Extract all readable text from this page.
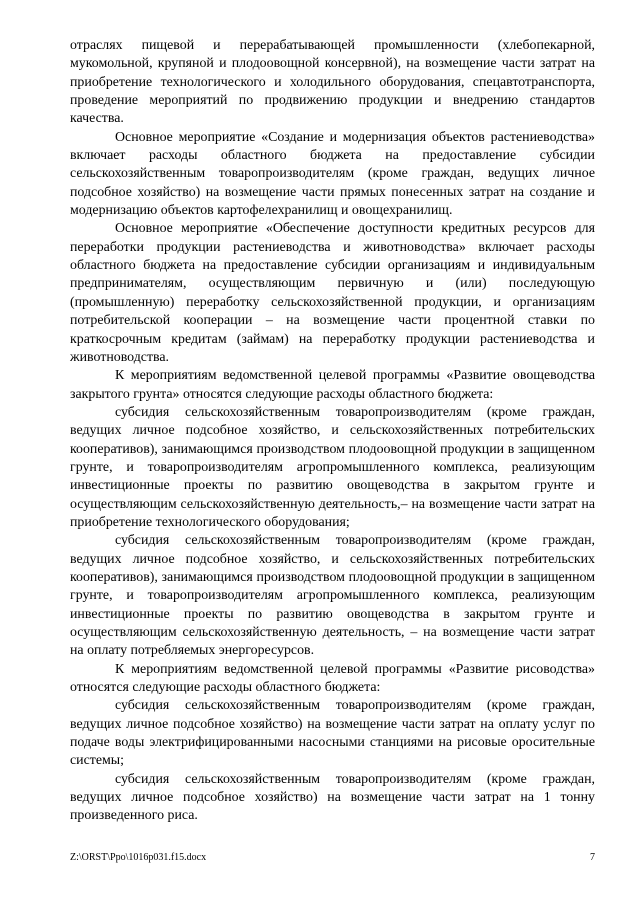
отраслях пищевой и перерабатывающей промышленности (хлебопекарной, мукомольной, крупяной и плодоовощной консервной), на возмещение части затрат на приобретение технологического и холодильного оборудования, спецавтотранспорта, проведение мероприятий по продвижению продукции и внедрению стандартов качества.

Основное мероприятие «Создание и модернизация объектов растениеводства» включает расходы областного бюджета на предоставление субсидии сельскохозяйственным товаропроизводителям (кроме граждан, ведущих личное подсобное хозяйство) на возмещение части прямых понесенных затрат на создание и модернизацию объектов картофелехранилищ и овощехранилищ.

Основное мероприятие «Обеспечение доступности кредитных ресурсов для переработки продукции растениеводства и животноводства» включает расходы областного бюджета на предоставление субсидии организациям и индивидуальным предпринимателям, осуществляющим первичную и (или) последующую (промышленную) переработку сельскохозяйственной продукции, и организациям потребительской кооперации – на возмещение части процентной ставки по краткосрочным кредитам (займам) на переработку продукции растениеводства и животноводства.

К мероприятиям ведомственной целевой программы «Развитие овощеводства закрытого грунта» относятся следующие расходы областного бюджета:

субсидия сельскохозяйственным товаропроизводителям (кроме граждан, ведущих личное подсобное хозяйство, и сельскохозяйственных потребительских кооперативов), занимающимся производством плодоовощной продукции в защищенном грунте, и товаропроизводителям агропромышленного комплекса, реализующим инвестиционные проекты по развитию овощеводства в закрытом грунте и осуществляющим сельскохозяйственную деятельность,– на возмещение части затрат на приобретение технологического оборудования;

субсидия сельскохозяйственным товаропроизводителям (кроме граждан, ведущих личное подсобное хозяйство, и сельскохозяйственных потребительских кооперативов), занимающимся производством плодоовощной продукции в защищенном грунте, и товаропроизводителям агропромышленного комплекса, реализующим инвестиционные проекты по развитию овощеводства в закрытом грунте и осуществляющим сельскохозяйственную деятельность, – на возмещение части затрат на оплату потребляемых энергоресурсов.

К мероприятиям ведомственной целевой программы «Развитие рисоводства» относятся следующие расходы областного бюджета:

субсидия сельскохозяйственным товаропроизводителям (кроме граждан, ведущих личное подсобное хозяйство) на возмещение части затрат на оплату услуг по подаче воды электрифицированными насосными станциями на рисовые оросительные системы;

субсидия сельскохозяйственным товаропроизводителям (кроме граждан, ведущих личное подсобное хозяйство) на возмещение части затрат на 1 тонну произведенного риса.

Z:\ORST\Ppo\1016p031.f15.docx	7
